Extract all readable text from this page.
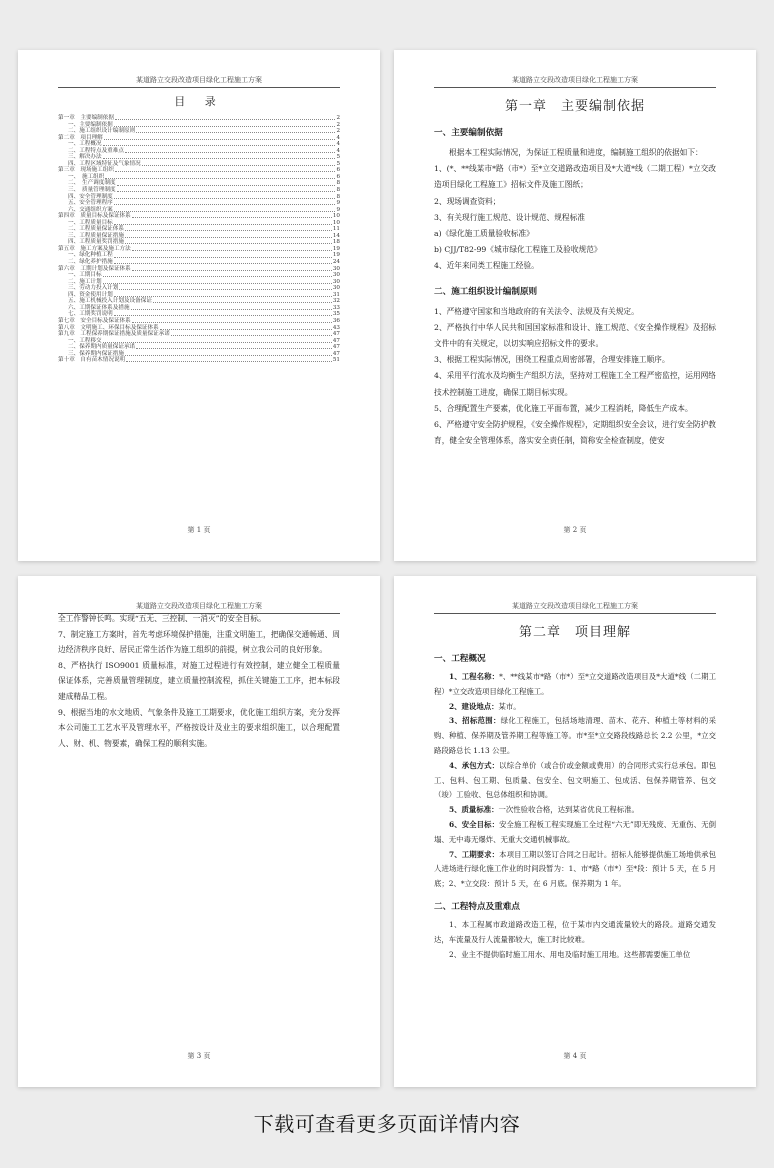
某道路立交段改造项目绿化工程施工方案
目 录
第一章　主要编制依据	2
一、主要编制依据	2
二、施工组织设计编制原则	2
第二章　项目理解	4
一、工程概况	4
二、工程特点及重难点	4
三、解决办法	5
四、工程区域特征及气象情况	5
第三章　现场施工组织	6
一、　施工组织	6
二、　生产调度制度	8
三、　质量管理制度	8
四、安全管理制度	8
五、安全管理程序	9
六、交通组织方案	9
第四章　质量目标及保证体系	10
一、工程质量目标	10
二、工程质量保证体系	11
三、工程质量保证措施	14
四、工程质量奖罚措施	18
第五章　施工方案及施工方法	19
一、绿化种植工程	19
二、绿化养护措施	24
第六章　工期计划及保证体系	30
一、工期目标	30
二、施工计划	30
三、劳动力投入计划	30
四、资金使用计划	31
五、施工机械投入计划及设备保证	32
六、工期保证体系及措施	33
七、工期奖罚说明	35
第七章　安全目标及保证体系	36
第八章　文明施工、环保目标及保证体系	43
第九章　工程保养期保证措施及质量保证承诺	47
一、工程移交	47
二、保养期内质量保证承诺	47
三、保养期内保证措施	47
第十章　自有苗木情况说明	51
第 1 页
某道路立交段改造项目绿化工程施工方案
第一章　主要编制依据
一、主要编制依据

根据本工程实际情况，为保证工程质量和进度，编制施工组织的依据如下：

1、(*、**线某市*路（市*）至*立交道路改造项目及*大道*线（二期工程）*立交改造项目绿化工程施工》招标文件及施工图纸；

2、现场调查资料；

3、有关现行施工规范、设计规范、规程标准

a)《绿化施工质量验收标准》

b) CJJ/T82-99《城市绿化工程施工及验收规范》

4、近年来同类工程施工经验。

二、施工组织设计编制原则

1、严格遵守国家和当地政府的有关法令、法规及有关规定。

2、严格执行中华人民共和国国家标准和设计、施工规范、《安全操作规程》及招标文件中的有关规定，以切实响应招标文件的要求。

3、根据工程实际情况，围绕工程重点周密部署，合理安排施工顺序。

4、采用平行流水及均衡生产组织方法，坚持对工程施工全工程严密监控，运用网络技术控制施工进度，确保工期目标实现。

5、合理配置生产要素，优化施工平面布置，减少工程消耗，降低生产成本。

6、严格遵守安全防护规程，《安全操作规程》，定期组织安全会议，进行安全防护教育，健全安全管理体系，落实安全责任制，简称安全检查制度，使安

第 2 页
某道路立交段改造项目绿化工程施工方案

全工作警钟长鸣。实现“五无、三控制、一消灭”的安全目标。

7、制定施工方案时，首先考虑环境保护措施，注重文明施工，把确保交通畅通、周边经济秩序良好、居民正常生活作为施工组织的前提，树立我公司的良好形象。

8、严格执行 ISO9001 质量标准，对施工过程进行有效控制，建立健全工程质量保证体系，完善质量管理制度，建立质量控制流程，抓住关键施工工序，把本标段建成精品工程。

9、根据当地的水文地质、气象条件及施工工期要求，优化施工组织方案，充分发挥本公司施工工艺水平及管理水平，严格按设计及业主的要求组织施工，以合理配置人、财、机、物要素，确保工程的顺利实施。

第 3 页
某道路立交段改造项目绿化工程施工方案
第二章　项目理解
一、工程概况

1、工程名称：*、**线某市*路（市*）至*立交道路改造项目及*大道*线（二期工程）*立交改造项目绿化工程施工。

2、建设地点：某市。

3、招标范围：绿化工程施工，包括场地清理、苗木、花卉、种植土等材料的采购、种植、保养期及管养期工程等施工等。市*至*立交路段线路总长 2.2 公里，*立交路段路总长 1.13 公里。

4、承包方式：以综合单价（或合价或金额或费用）的合同形式实行总承包。即包工、包料、包工期、包质量、包安全、包文明施工、包成活、包保养期管养、包交（竣）工验收、包总体组织和协调。

5、质量标准：一次性验收合格，达到某省优良工程标准。

6、安全目标：安全施工程板工程实现施工全过程“六无”即无残废、无重伤、无倒塌、无中毒无爆炸、无重大交通机械事故。

7、工期要求：本项目工期以签订合同之日起计。招标人能够提供施工场地供承包人进场进行绿化施工作业的时间段暂为：1、市*路（市*）至*段：预计 5 天，在 5 月底；2、*立交段：预计 5 天，在 6 月底。保养期为 1 年。

二、工程特点及重难点

1、本工程属市政道路改造工程，位于某市内交通流量较大的路段。道路交通发达，车流量及行人流量都较大，施工时比较难。

2、业主不提供临时施工用水、用电及临时施工用地。这些都需要施工单位

第 4 页
下载可查看更多页面详情内容
